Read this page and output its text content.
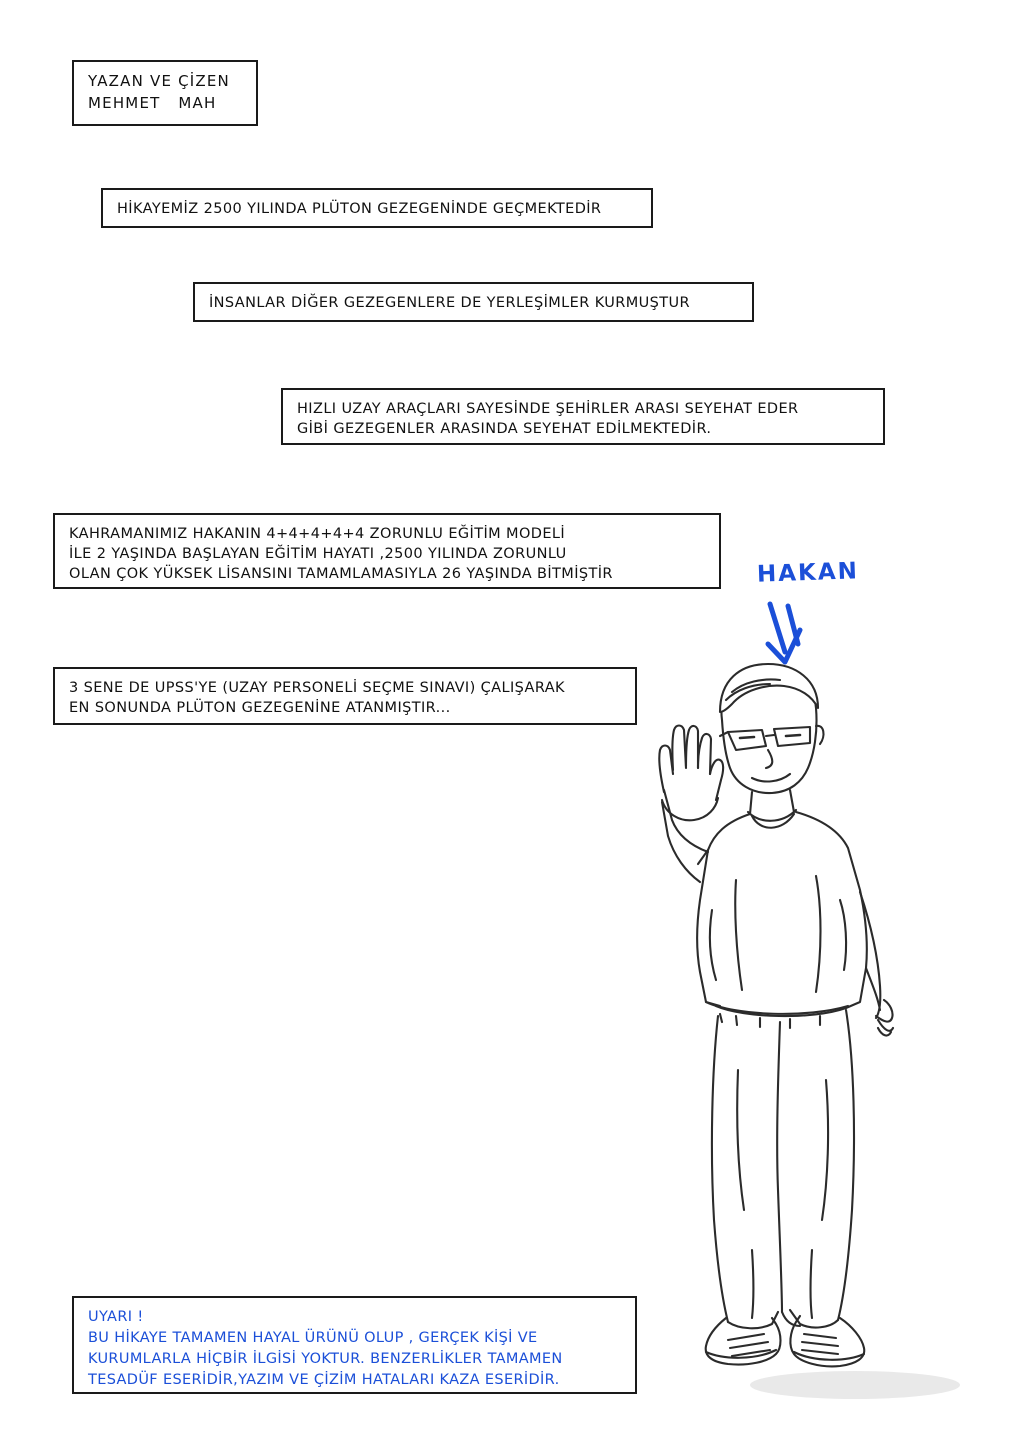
YAZAN VE ÇİZEN
MEHMET   MAH
HİKAYEMİZ 2500 YILINDA PLÜTON GEZEGENİNDE GEÇMEKTEDİR
İNSANLAR DİĞER GEZEGENLERE DE YERLEŞİMLER KURMUŞTUR
HIZLI UZAY ARAÇLARI SAYESİNDE ŞEHİRLER ARASI SEYEHAT EDER
GİBİ GEZEGENLER ARASINDA SEYEHAT EDİLMEKTEDİR.
KAHRAMANIMIZ HAKANIN 4+4+4+4+4 ZORUNLU EĞİTİM MODELİ
İLE 2 YAŞINDA BAŞLAYAN EĞİTİM HAYATI ,2500 YILINDA ZORUNLU
OLAN ÇOK YÜKSEK LİSANSINI TAMAMLAMASIYLA 26 YAŞINDA BİTMİŞTİR
3 SENE DE UPSS'YE (UZAY PERSONELİ SEÇME SINAVI) ÇALIŞARAK
EN SONUNDA PLÜTON GEZEGENİNE ATANMIŞTIR...
UYARI !
BU HİKAYE TAMAMEN HAYAL ÜRÜNÜ OLUP , GERÇEK KİŞİ VE
KURUMLARLA HİÇBİR İLGİSİ YOKTUR. BENZERLİKLER TAMAMEN
TESADÜF ESERİDİR,YAZIM VE ÇİZİM HATALARI KAZA ESERİDİR.
HAKAN
